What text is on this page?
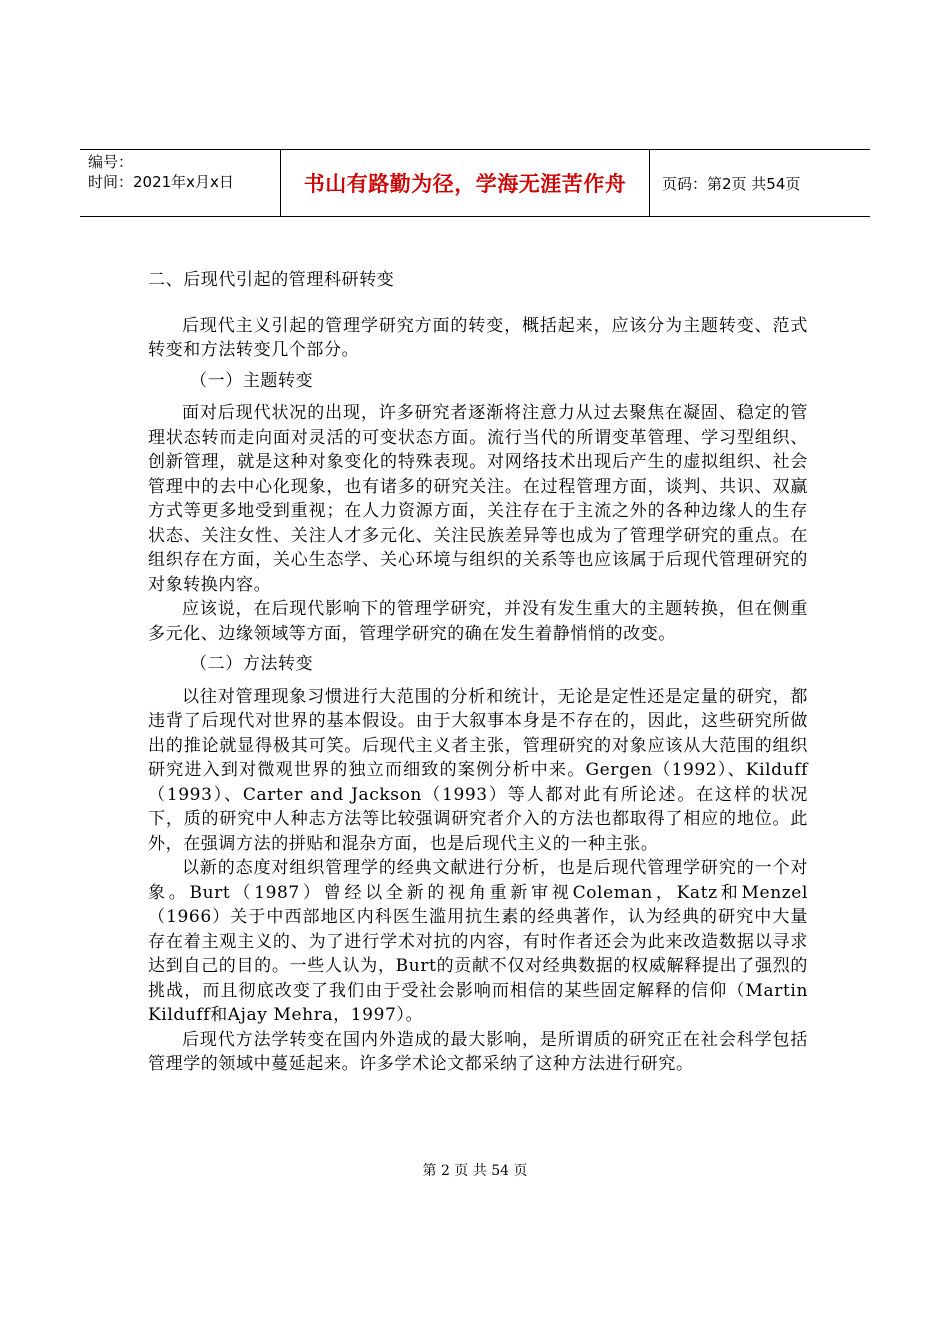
编号：
时间：2021年x月x日	书山有路勤为径，学海无涯苦作舟	页码：第2页 共54页

二、后现代引起的管理科研转变

后现代主义引起的管理学研究方面的转变，概括起来，应该分为主题转变、范式转变和方法转变几个部分。

（一）主题转变

面对后现代状况的出现，许多研究者逐渐将注意力从过去聚焦在凝固、稳定的管理状态转而走向面对灵活的可变状态方面。流行当代的所谓变革管理、学习型组织、创新管理，就是这种对象变化的特殊表现。对网络技术出现后产生的虚拟组织、社会管理中的去中心化现象，也有诸多的研究关注。在过程管理方面，谈判、共识、双赢方式等更多地受到重视；在人力资源方面，关注存在于主流之外的各种边缘人的生存状态、关注女性、关注人才多元化、关注民族差异等也成为了管理学研究的重点。在组织存在方面，关心生态学、关心环境与组织的关系等也应该属于后现代管理研究的对象转换内容。

应该说，在后现代影响下的管理学研究，并没有发生重大的主题转换，但在侧重多元化、边缘领域等方面，管理学研究的确在发生着静悄悄的改变。

（二）方法转变

以往对管理现象习惯进行大范围的分析和统计，无论是定性还是定量的研究，都违背了后现代对世界的基本假设。由于大叙事本身是不存在的，因此，这些研究所做出的推论就显得极其可笑。后现代主义者主张，管理研究的对象应该从大范围的组织研究进入到对微观世界的独立而细致的案例分析中来。Gergen（1992）、Kilduff（1993）、Carter and Jackson（1993）等人都对此有所论述。在这样的状况下，质的研究中人种志方法等比较强调研究者介入的方法也都取得了相应的地位。此外，在强调方法的拼贴和混杂方面，也是后现代主义的一种主张。

以新的态度对组织管理学的经典文献进行分析，也是后现代管理学研究的一个对象。Burt（1987）曾经以全新的视角重新审视Coleman，Katz和Menzel（1966）关于中西部地区内科医生滥用抗生素的经典著作，认为经典的研究中大量存在着主观主义的、为了进行学术对抗的内容，有时作者还会为此来改造数据以寻求达到自己的目的。一些人认为，Burt的贡献不仅对经典数据的权威解释提出了强烈的挑战，而且彻底改变了我们由于受社会影响而相信的某些固定解释的信仰（Martin Kilduff和Ajay Mehra，1997）。

后现代方法学转变在国内外造成的最大影响，是所谓质的研究正在社会科学包括管理学的领域中蔓延起来。许多学术论文都采纳了这种方法进行研究。

第 2 页 共 54 页
